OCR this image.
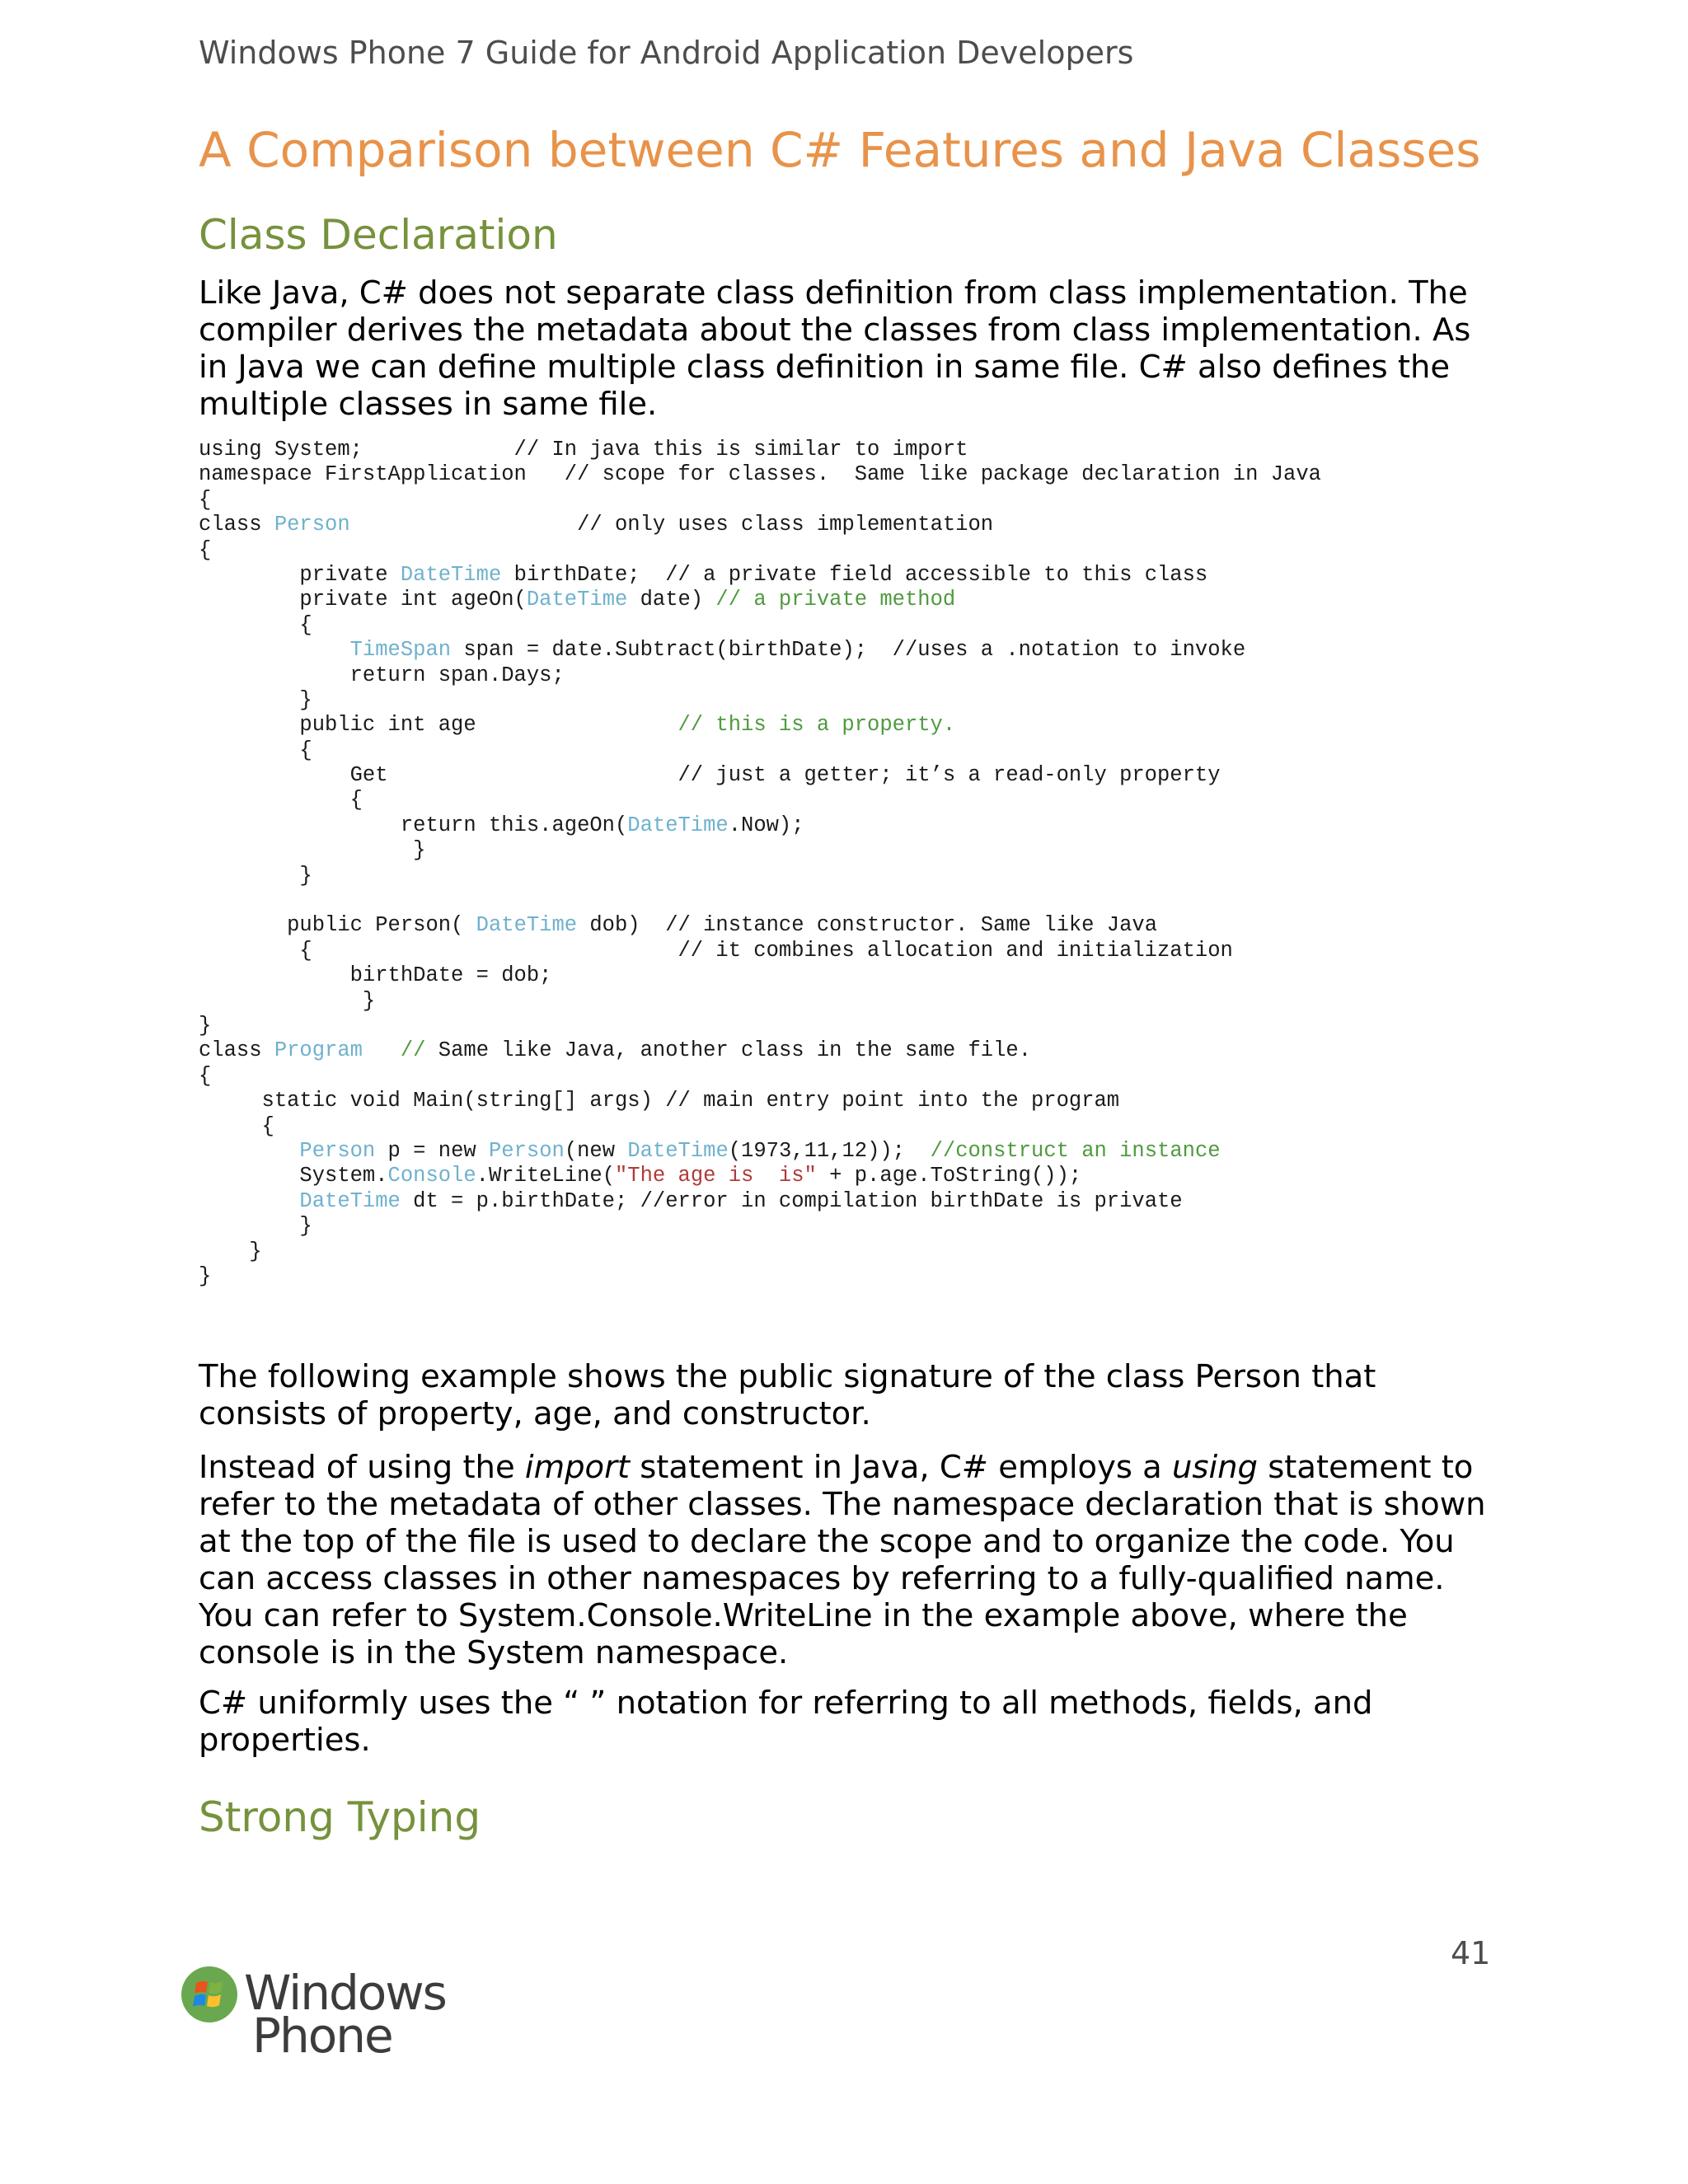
Windows Phone 7 Guide for Android Application Developers
A Comparison between C# Features and Java Classes
Class Declaration

Like Java, C# does not separate class definition from class implementation. The compiler derives the metadata about the classes from class implementation. As in Java we can define multiple class definition in same file. C# also defines the multiple classes in same file.

using System;            // In java this is similar to import
namespace FirstApplication   // scope for classes.  Same like package declaration in Java
{
class Person                  // only uses class implementation
{
private DateTime birthDate;  // a private field accessible to this class
private int ageOn(DateTime date) // a private method
{
TimeSpan span = date.Subtract(birthDate);  //uses a .notation to invoke
return span.Days;
}
public int age                // this is a property.
{
Get                       // just a getter; it’s a read-only property
{
return this.ageOn(DateTime.Now);
}
}
public Person( DateTime dob)  // instance constructor. Same like Java
{                             // it combines allocation and initialization
birthDate = dob;
}
}
class Program // Same like Java, another class in the same file.
{
static void Main(string[] args) // main entry point into the program
{
Person p = new Person(new DateTime(1973,11,12));  //construct an instance
System.Console.WriteLine("The age is  is" + p.age.ToString());
DateTime dt = p.birthDate; //error in compilation birthDate is private
}
}
}

The following example shows the public signature of the class Person that consists of property, age, and constructor.

Instead of using the import statement in Java, C# employs a using statement to refer to the metadata of other classes. The namespace declaration that is shown at the top of the file is used to declare the scope and to organize the code. You can access classes in other namespaces by referring to a fully-qualified name. You can refer to System.Console.WriteLine in the example above, where the console is in the System namespace.

C# uniformly uses the “ ” notation for referring to all methods, fields, and properties.

Strong Typing
41
Windows
Phone
